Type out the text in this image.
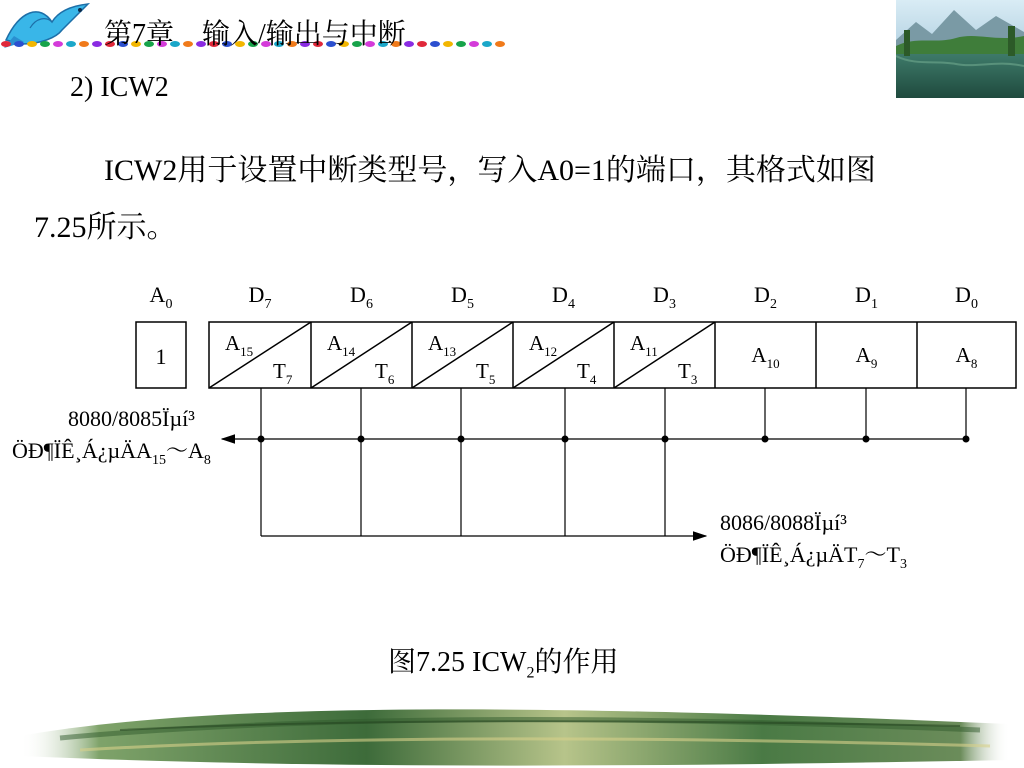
第7章　输入/输出与中断
2) ICW2
ICW2用于设置中断类型号，写入A0=1的端口，其格式如图
7.25所示。
$A_0$
1
$D_7$
$A_{15}$
$T_7$
$D_6$
$A_{14}$
$T_6$
$D_5$
$A_{13}$
$T_5$
$D_4$
$A_{12}$
$T_4$
$D_3$
$A_{11}$
$T_3$
$D_2$
$A_{10}$
$D_1$
$A_9$
$D_0$
$A_8$
8080/8085Ïµí³
$ÖÐ\P ÏÊ¸Á¿\mu ÄA_{15}\sim A_8$
8086/8088Ïµí³
$ÖÐ\P ÏÊ¸Á¿\mu ÄT_7\sim T_3$
图7.25 $ICW_2$的作用
